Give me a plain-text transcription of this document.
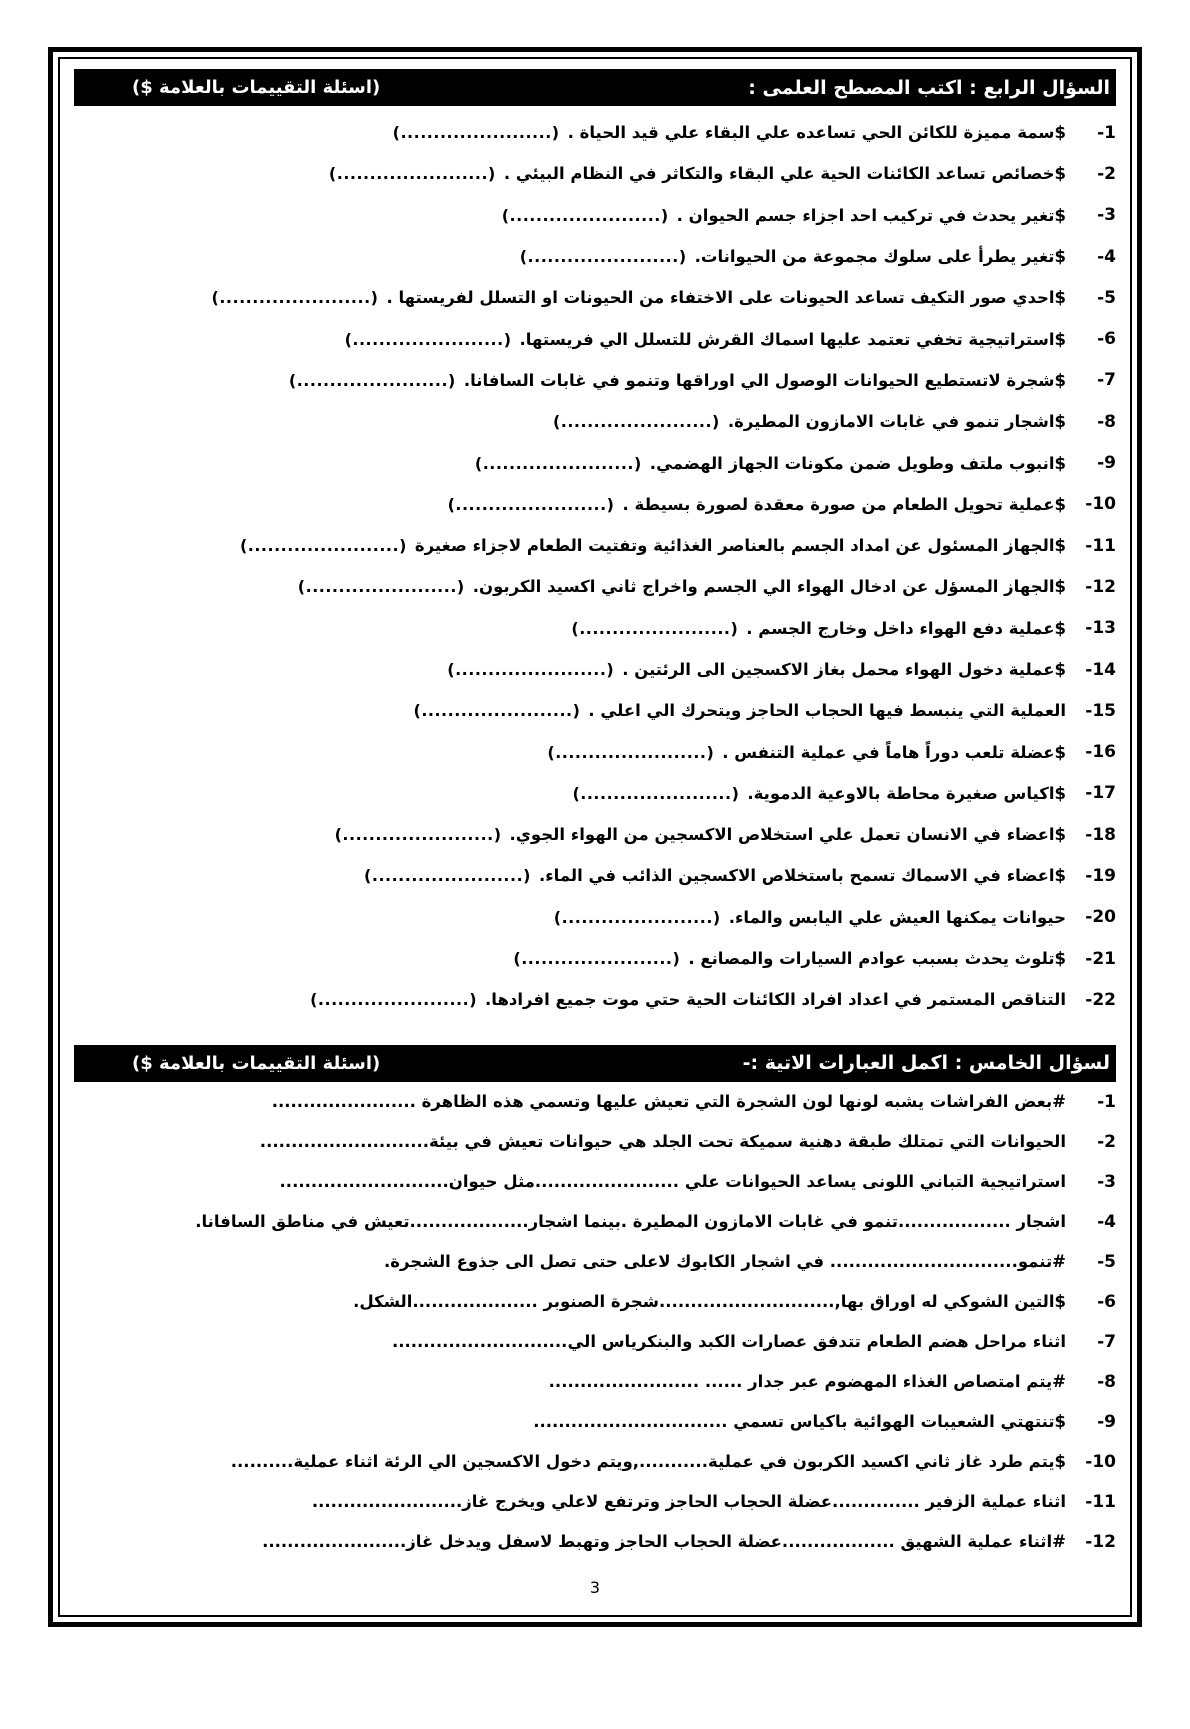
السؤال الرابع : اكتب المصطح العلمى :
(اسئلة التقييمات بالعلامة $)
1-
$سمة مميزة للكائن الحي تساعده علي البقاء علي قيد الحياة .
(.......................)
2-
$خصائص تساعد الكائنات الحية علي البقاء والتكاثر في النظام البيئي .
(.......................)
3-
$تغير يحدث في تركيب احد اجزاء جسم الحيوان .
(.......................)
4-
$تغير يطرأ على سلوك مجموعة من الحيوانات.
(.......................)
5-
$احدي صور التكيف تساعد الحيونات على الاختفاء من الحيونات او التسلل لفريستها .
(.......................)
6-
$استراتيجية تخفي تعتمد عليها اسماك القرش للتسلل الي فريستها.
(.......................)
7-
$شجرة لاتستطيع الحيوانات الوصول الي اوراقها وتنمو في غابات السافانا.
(.......................)
8-
$اشجار تنمو في غابات الامازون المطيرة.
(.......................)
9-
$انبوب ملتف وطويل ضمن مكونات الجهاز الهضمي.
(.......................)
10-
$عملية تحويل الطعام من صورة معقدة لصورة بسيطة .
(.......................)
11-
$الجهاز المسئول عن امداد الجسم بالعناصر الغذائية وتفتيت الطعام لاجزاء صغيرة
(.......................)
12-
$الجهاز المسؤل عن ادخال الهواء الي الجسم واخراج ثاني اكسيد الكربون.
(.......................)
13-
$عملية دفع الهواء داخل وخارج الجسم .
(.......................)
14-
$عملية دخول الهواء محمل بغاز الاكسجين الى الرئتين .
(.......................)
15-
العملية التي ينبسط فيها الحجاب الحاجز ويتحرك الي اعلي .
(.......................)
16-
$عضلة تلعب دوراً هاماً في عملية التنفس .
(.......................)
17-
$اكياس صغيرة محاطة بالاوعية الدموية.
(.......................)
18-
$اعضاء في الانسان تعمل علي استخلاص الاكسجين من الهواء الجوي.
(.......................)
19-
$اعضاء في الاسماك تسمح باستخلاص الاكسجين الذائب في الماء.
(.......................)
20-
حيوانات يمكنها العيش علي اليابس والماء.
(.......................)
21-
$تلوث يحدث بسبب عوادم السيارات والمصانع .
(.......................)
22-
التناقص المستمر في اعداد افراد الكائنات الحية حتي موت جميع افرادها.
(.......................)
لسؤال الخامس : اكمل العبارات الاتية :-
(اسئلة التقييمات بالعلامة $)
1-
#بعض الفراشات يشبه لونها لون الشجرة التي تعيش عليها وتسمي هذه الظاهرة .......................
2-
الحيوانات التي تمتلك طبقة دهنية سميكة تحت الجلد هي حيوانات تعيش في بيئة...........................
3-
استراتيجية التباني اللونى يساعد الحيوانات علي .......................مثل حيوان...........................
4-
اشجار ..................تنمو في غابات الامازون المطيرة .بينما اشجار...................تعيش في مناطق السافانا.
5-
#تنمو.............................. في اشجار الكابوك لاعلى حتى تصل الى جذوع الشجرة.
6-
$التين الشوكي له اوراق بها,............................شجرة الصنوبر ....................الشكل.
7-
اثناء مراحل هضم الطعام تتدفق عصارات الكبد والبنكرياس الي............................
8-
#يتم امتصاص الغذاء المهضوم عبر جدار ...... ........................
9-
$تنتهتي الشعيبات الهوائية باكياس تسمي ...............................
10-
$يتم طرد غاز ثاني اكسيد الكربون في عملية...........,ويتم دخول الاكسجين الي الرئة اثناء عملية..........
11-
اثناء عملية الزفير ..............عضلة الحجاب الحاجز وترتفع لاعلي ويخرج غاز........................
12-
#اثناء عملية الشهيق ..................عضلة الحجاب الحاجز وتهبط لاسفل ويدخل غاز.......................
3
